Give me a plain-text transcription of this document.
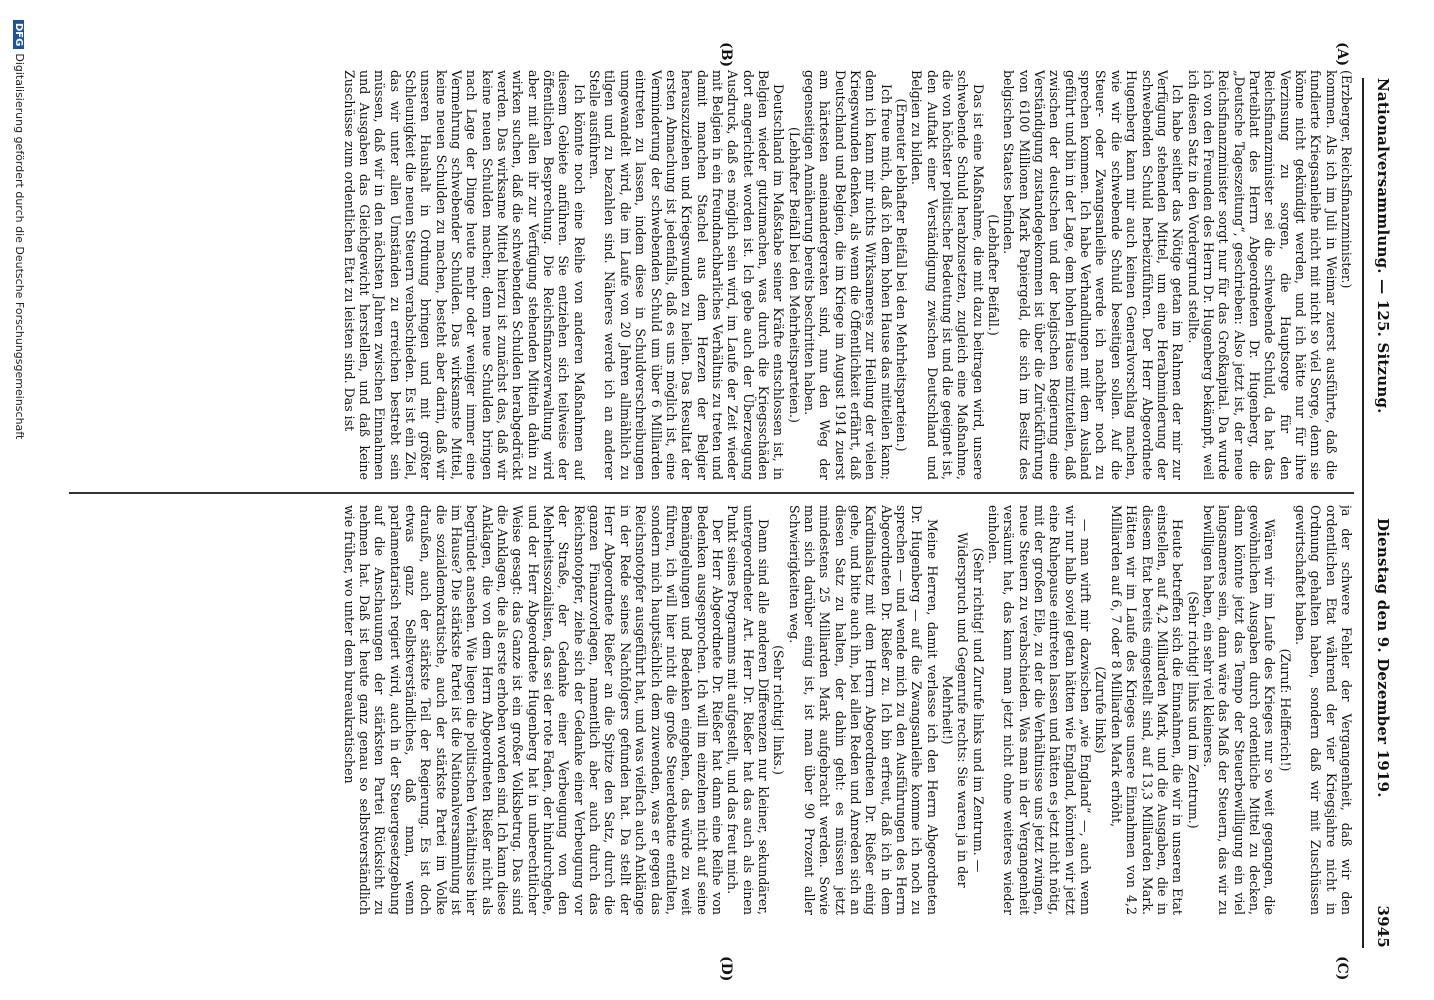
Nationalversammlung. — 125. Sitzung.
Dienstag den 9. Dezember 1919.
3945
(A)
(B)
(C)
(D)

(Erzberger, Reichsfinanzminister.)

kommen. Als ich im Juli in Weimar zuerst ausführte, daß die fundierte Kriegsanleihe nicht mit nicht so viel Sorge, denn sie könne nicht gekündigt werden, und ich hätte nur für ihre Verzinsung zu sorgen, die Hauptsorge für den Reichsfinanzminister sei die schwebende Schuld, da hat das Parteiblatt des Herrn Abgeordneten Dr. Hugenberg, die „Deutsche Tageszeitung“, geschrieben: Also jetzt ist, der neue Reichsfinanzminister sorgt nur für das Großkapital. Da wurde ich von den Freunden des Herrn Dr. Hugenberg bekämpft, weil ich diesen Satz in den Vordergrund stellte.

Ich habe seither das Nötige getan im Rahmen der mir zur Verfügung stehenden Mittel, um eine Herabminderung der schwebenden Schuld herbeizuführen. Der Herr Abgeordnete Hugenberg kann mir auch keinen Generalvorschlag machen, wie wir die schwebende Schuld beseitigen sollen. Auf die Steuer- oder Zwangsanleihe werde ich nachher noch zu sprechen kommen. Ich habe Verhandlungen mit dem Ausland geführt und bin in der Lage, dem hohen Hause mitzuteilen, daß zwischen der deutschen und der belgischen Regierung eine Verständigung zustandegekommen ist über die Zurückführung von 6100 Millionen Mark Papiergeld, die sich im Besitz des belgischen Staates befinden.

(Lebhafter Beifall.)

Das ist eine Maßnahme, die mit dazu beitragen wird, unsere schwebende Schuld herabzusetzen, zugleich eine Maßnahme, die von höchster politischer Bedeutung ist und die geeignet ist, den Auftakt einer Verständigung zwischen Deutschland und Belgien zu bilden.

(Erneuter lebhafter Beifall bei den Mehrheitsparteien.)

Ich freue mich, daß ich dem hohen Hause das mitteilen kann; denn ich kann mir nichts Wirksameres zur Heilung der vielen Kriegswunden denken, als wenn die Öffentlichkeit erfährt, daß Deutschland und Belgien, die im Kriege im August 1914 zuerst am härtesten aneinandergeraten sind, nun den Weg der gegenseitigen Annäherung bereits beschritten haben.

(Lebhafter Beifall bei den Mehrheitsparteien.)

Deutschland im Maßstabe seiner Kräfte entschlossen ist, in Belgien wieder gutzumachen, was durch die Kriegsschäden dort angerichtet worden ist. Ich gebe auch der Überzeugung Ausdruck, daß es möglich sein wird, im Laufe der Zeit wieder mit Belgien in ein freundnachbarliches Verhältnis zu treten und damit manchen Stachel aus dem Herzen der Belgier herauszuziehen und Kriegswunden zu heilen. Das Resultat der ersten Abmachung ist jedenfalls, daß es uns möglich ist, eine Verminderung der schwebenden Schuld um über 6 Milliarden eintreten zu lassen, indem diese in Schuldverschreibungen umgewandelt wird, die im Laufe von 20 Jahren allmählich zu tilgen und zu bezahlen sind. Näheres werde ich an anderer Stelle ausführen.

Ich könnte noch eine Reihe von anderen Maßnahmen auf diesem Gebiete anführen. Sie entziehen sich teilweise der öffentlichen Besprechung. Die Reichsfinanzverwaltung wird aber mit allen ihr zur Verfügung stehenden Mitteln dahin zu wirken suchen, daß die schwebenden Schulden herabgedrückt werden. Das wirksame Mittel hierzu ist zunächst das, daß wir keine neuen Schulden machen; denn neue Schulden bringen nach Lage der Dinge heute mehr oder weniger immer eine Vermehrung schwebender Schulden. Das wirksamste Mittel, keine neuen Schulden zu machen, besteht aber darin, daß wir unseren Haushalt in Ordnung bringen und mit größter Schleunigkeit die neuen Steuern verabschieden. Es ist ein Ziel, das wir unter allen Umständen zu erreichen bestrebt sein müssen, daß wir in den nächsten Jahren zwischen Einnahmen und Ausgaben das Gleichgewicht herstellen, und daß keine Zuschüsse zum ordentlichen Etat zu leisten sind. Das ist

ja der schwere Fehler der Vergangenheit, daß wir den ordentlichen Etat während der vier Kriegsjahre nicht in Ordnung gehalten haben, sondern daß wir mit Zuschüssen gewirtschaftet haben.

(Zuruf: Helfferich!)

Wären wir im Laufe des Krieges nur so weit gegangen, die gewöhnlichen Ausgaben durch ordentliche Mittel zu decken, dann könnte jetzt das Tempo der Steuerbewilligung ein viel langsameres sein, dann wäre das Maß der Steuern, das wir zu bewilligen haben, ein sehr viel kleineres.

(Sehr richtig! links und im Zentrum.)

Heute betreffen sich die Einnahmen, die wir in unseren Etat einstellen, auf 4,2 Milliarden Mark, und die Ausgaben, die in diesem Etat bereits eingestellt sind, auf 13,3 Milliarden Mark. Hätten wir im Laufe des Krieges unsere Einnahmen von 4,2 Milliarden auf 6, 7 oder 8 Milliarden Mark erhöht,

(Zurufe links)

— man wirft mir dazwischen „wie England“ —, auch wenn wir nur halb soviel getan hätten wie England, könnten wir jetzt eine Ruhepause eintreten lassen und hätten es jetzt nicht nötig, mit der großen Eile, zu der die Verhältnisse uns jetzt zwingen, neue Steuern zu verabschieden. Was man in der Vergangenheit versäumt hat, das kann man jetzt nicht ohne weiteres wieder einholen.

(Sehr richtig! und Zurufe links und im Zentrum. — Widerspruch und Gegenrufe rechts: Sie waren ja in der Mehrheit!)

Meine Herren, damit verlasse ich den Herrn Abgeordneten Dr. Hugenberg — auf die Zwangsanleihe komme ich noch zu sprechen — und wende mich zu den Ausführungen des Herrn Abgeordneten Dr. Rießer zu. Ich bin erfreut, daß ich in dem Kardinalsatz mit dem Herrn Abgeordneten Dr. Rießer einig gehe, und bitte auch ihn, bei allen Reden und Anreden sich an diesen Satz zu halten, der dahin geht: es müssen jetzt mindestens 25 Milliarden Mark aufgebracht werden. Sowie man sich darüber einig ist, ist man über 90 Prozent aller Schwierigkeiten weg.

(Sehr richtig! links.)

Dann sind alle anderen Differenzen nur kleiner, sekundärer, untergeordneter Art. Herr Dr. Rießer hat das auch als einen Punkt seines Programms mit aufgestellt, und das freut mich.

Der Herr Abgeordnete Dr. Rießer hat dann eine Reihe von Bedenken ausgesprochen. Ich will im einzelnen nicht auf seine Bemängelungen und Bedenken eingehen, das würde zu weit führen, ich will hier nicht die große Steuerdebatte entfalten, sondern mich hauptsächlich dem zuwenden, was er gegen das Reichsnotopfer ausgeführt hat, und was vielfach auch Anklänge in der Rede seines Nachfolgers gefunden hat. Da stellt der Herr Abgeordnete Rießer an die Spitze den Satz, durch die ganzen Finanzvorlagen, namentlich aber auch durch das Reichsnotopfer, ziehe sich der Gedanke einer Verbeugung vor der Straße, der Gedanke einer Verbeugung von den Mehrheitssozialisten, das sei der rote Faden, der hindurchgehe, und der Herr Abgeordnete Hugenberg hat in unberechtlicher Weise gesagt: das Ganze ist ein großer Volksbetrug. Das sind die Anklagen, die als erste erhoben worden sind. Ich kann diese Anklagen, die von dem Herrn Abgeordneten Rießer nicht als begründet ansehen. Wie liegen die politischen Verhältnisse hier im Hause? Die stärkste Partei ist die Nationalversammlung ist die sozialdemokratische, auch der stärkste Partei im Volke draußen, auch der stärkste Teil der Regierung. Es ist doch etwas ganz Selbstverständliches, daß man, wenn parlamentarisch regiert wird, auch in der Steuergesetzgebung auf die Anschauungen der stärksten Partei Rücksicht zu nehmen hat. Daß ist heute ganz genau so selbstverständlich wie früher, wo unter dem bureaukratischen

DFGDigitalisierung gefördert durch die Deutsche Forschungsgemeinschaft
